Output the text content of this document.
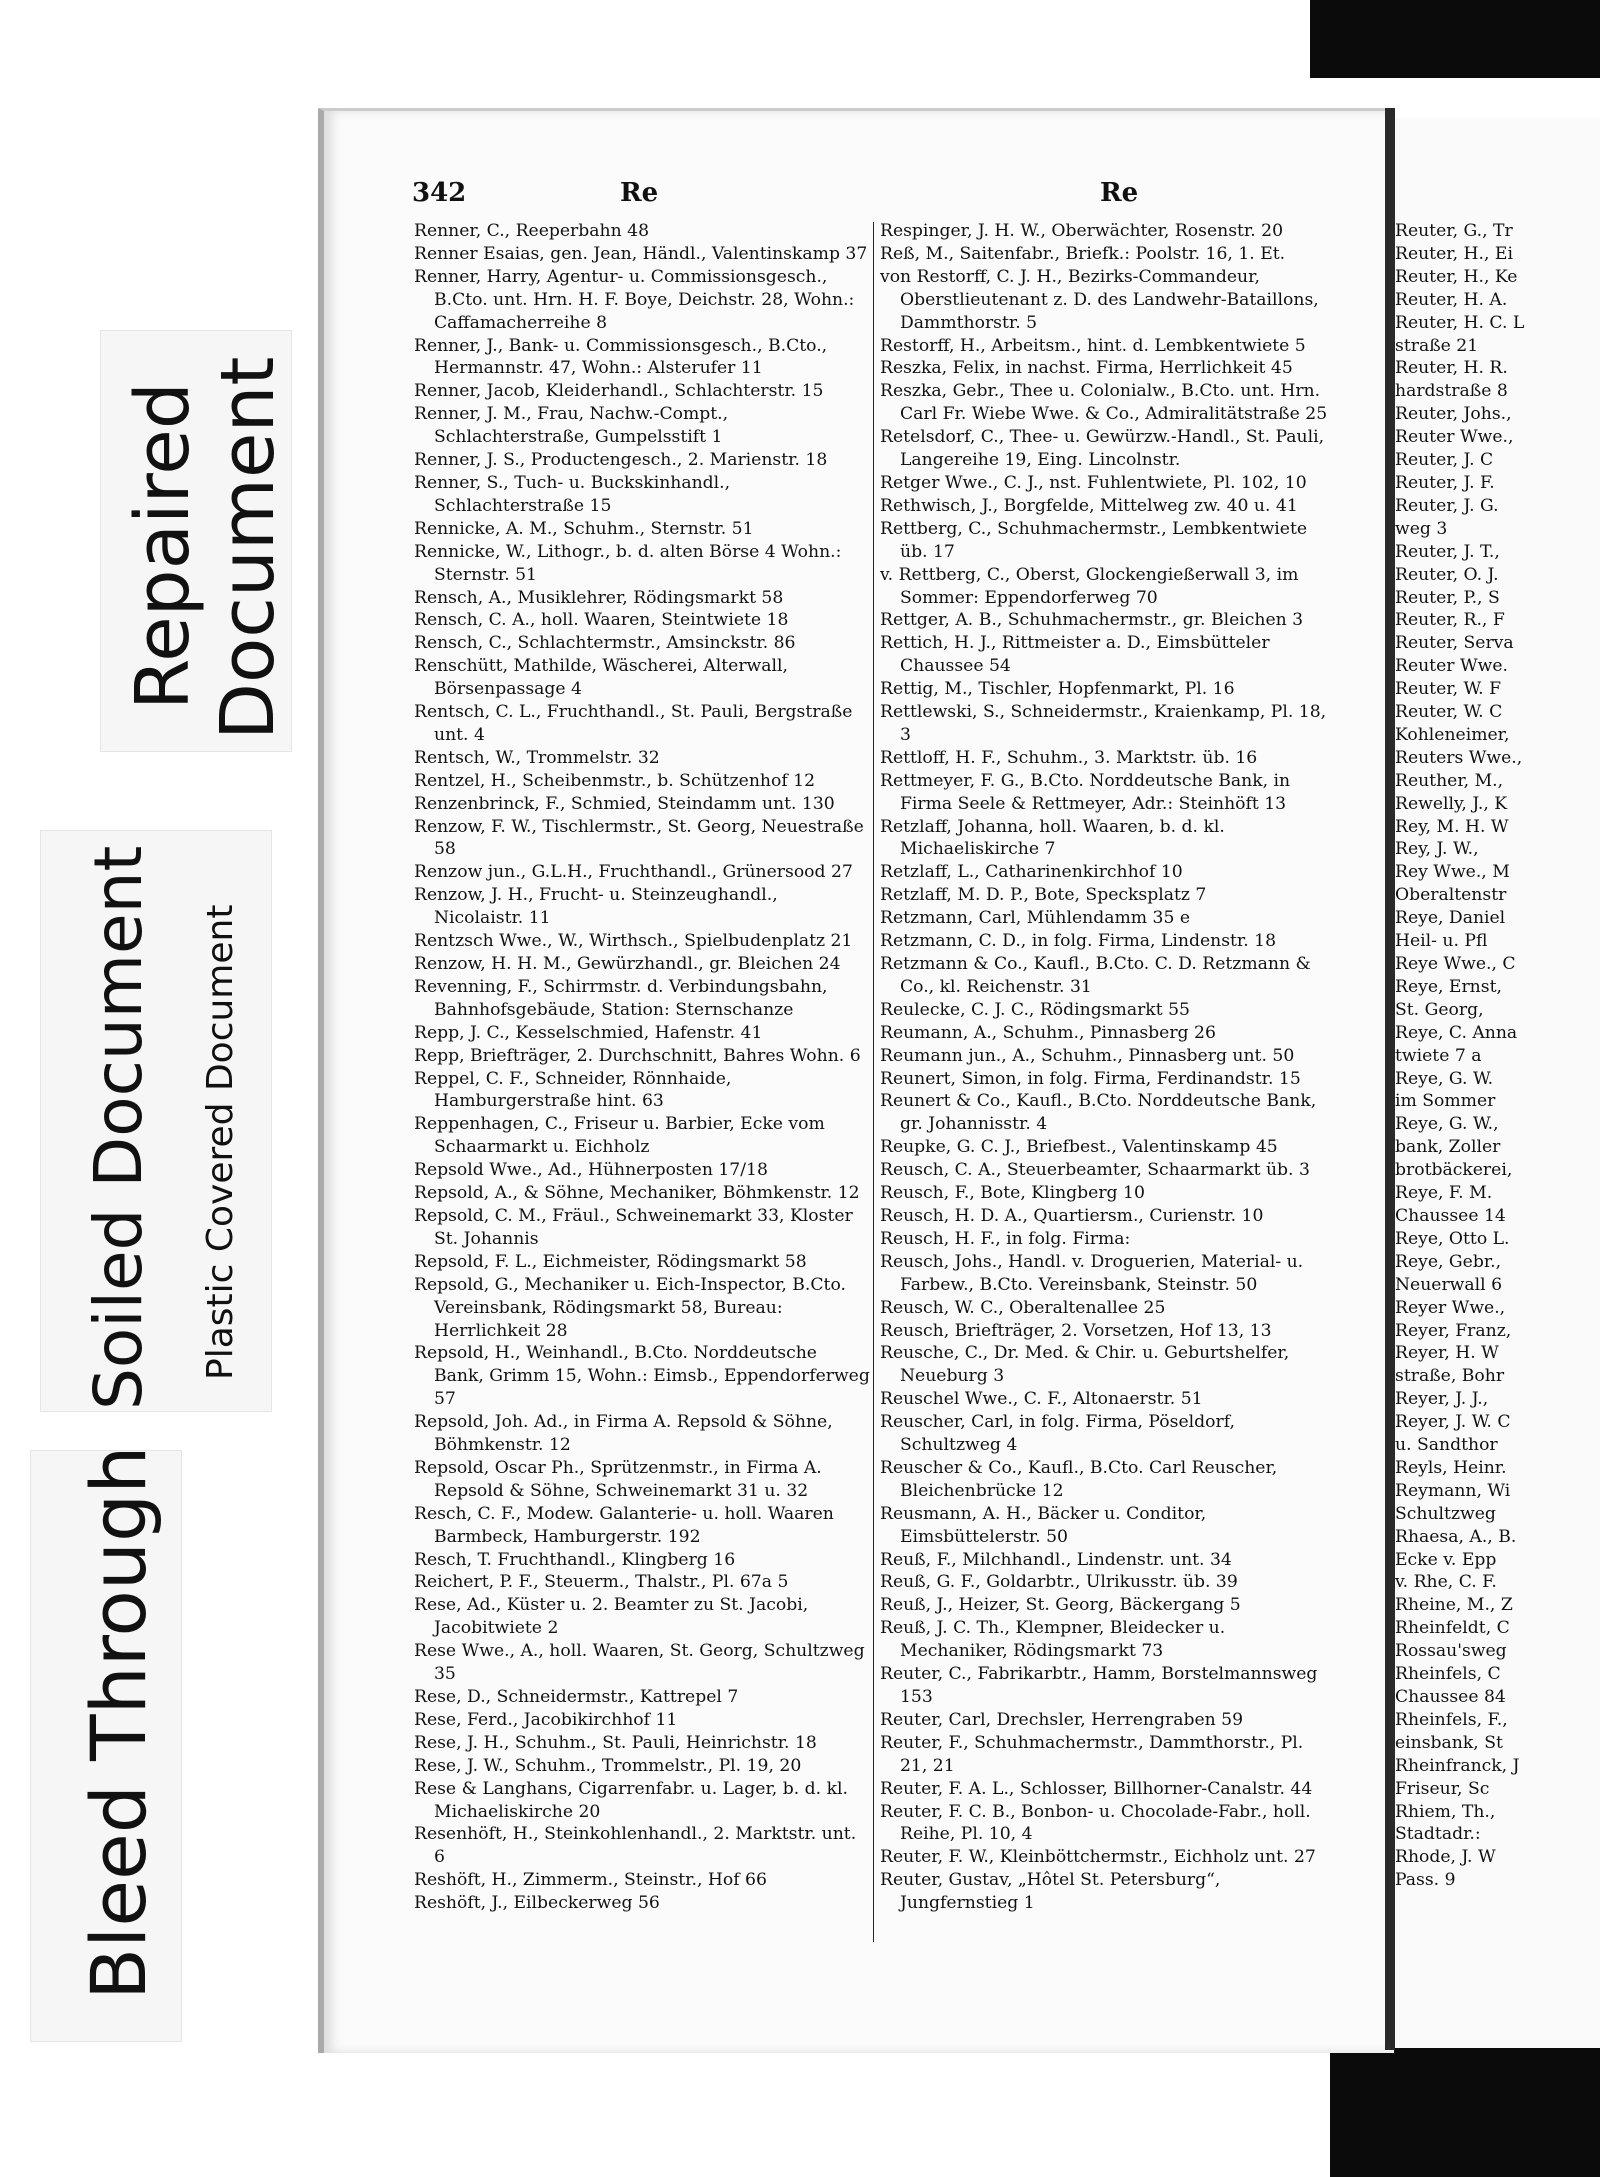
Bleed Through
Soiled Document Plastic Covered Document
Repaired Document
Reuter, G., Tr
Reuter, H., Ei
Reuter, H., Ke
Reuter, H. A.
Reuter, H. C. L
straße 21
Reuter, H. R.
hardstraße 8
Reuter, Johs.,
Reuter Wwe.,
Reuter, J. C
Reuter, J. F.
Reuter, J. G.
weg 3
Reuter, J. T.,
Reuter, O. J.
Reuter, P., S
Reuter, R., F
Reuter, Serva
Reuter Wwe.
Reuter, W. F
Reuter, W. C
Kohleneimer,
Reuters Wwe.,
Reuther, M.,
Rewelly, J., K
Rey, M. H. W
Rey, J. W.,
Rey Wwe., M
Oberaltenstr
Reye, Daniel
Heil- u. Pfl
Reye Wwe., C
Reye, Ernst,
St. Georg,
Reye, C. Anna
twiete 7 a
Reye, G. W.
im Sommer
Reye, G. W.,
bank, Zoller
brotbäckerei,
Reye, F. M.
Chaussee 14
Reye, Otto L.
Reye, Gebr.,
Neuerwall 6
Reyer Wwe.,
Reyer, Franz,
Reyer, H. W
straße, Bohr
Reyer, J. J.,
Reyer, J. W. C
u. Sandthor
Reyls, Heinr.
Reymann, Wi
Schultzweg
Rhaesa, A., B.
Ecke v. Epp
v. Rhe, C. F.
Rheine, M., Z
Rheinfeldt, C
Rossau'sweg
Rheinfels, C
Chaussee 84
Rheinfels, F.,
einsbank, St
Rheinfranck, J
Friseur, Sc
Rhiem, Th.,
Stadtadr.:
Rhode, J. W
Pass. 9
342	Re	Re
Renner, C., Reeperbahn 48
Renner Esaias, gen. Jean, Händl., Valentinskamp 37
Renner, Harry, Agentur- u. Commissionsgesch., B.Cto. unt. Hrn. H. F. Boye, Deichstr. 28, Wohn.: Caffamacherreihe 8
Renner, J., Bank- u. Commissionsgesch., B.Cto., Hermannstr. 47, Wohn.: Alsterufer 11
Renner, Jacob, Kleiderhandl., Schlachterstr. 15
Renner, J. M., Frau, Nachw.-Compt., Schlachterstraße, Gumpelsstift 1
Renner, J. S., Productengesch., 2. Marienstr. 18
Renner, S., Tuch- u. Buckskinhandl., Schlachterstraße 15
Rennicke, A. M., Schuhm., Sternstr. 51
Rennicke, W., Lithogr., b. d. alten Börse 4 Wohn.: Sternstr. 51
Rensch, A., Musiklehrer, Rödingsmarkt 58
Rensch, C. A., holl. Waaren, Steintwiete 18
Rensch, C., Schlachtermstr., Amsinckstr. 86
Renschütt, Mathilde, Wäscherei, Alterwall, Börsenpassage 4
Rentsch, C. L., Fruchthandl., St. Pauli, Bergstraße unt. 4
Rentsch, W., Trommelstr. 32
Rentzel, H., Scheibenmstr., b. Schützenhof 12
Renzenbrinck, F., Schmied, Steindamm unt. 130
Renzow, F. W., Tischlermstr., St. Georg, Neuestraße 58
Renzow jun., G.L.H., Fruchthandl., Grünersood 27
Renzow, J. H., Frucht- u. Steinzeughandl., Nicolaistr. 11
Rentzsch Wwe., W., Wirthsch., Spielbudenplatz 21
Renzow, H. H. M., Gewürzhandl., gr. Bleichen 24
Revenning, F., Schirrmstr. d. Verbindungsbahn, Bahnhofsgebäude, Station: Sternschanze
Repp, J. C., Kesselschmied, Hafenstr. 41
Repp, Briefträger, 2. Durchschnitt, Bahres Wohn. 6
Reppel, C. F., Schneider, Rönnhaide, Hamburgerstraße hint. 63
Reppenhagen, C., Friseur u. Barbier, Ecke vom Schaarmarkt u. Eichholz
Repsold Wwe., Ad., Hühnerposten 17/18
Repsold, A., & Söhne, Mechaniker, Böhmkenstr. 12
Repsold, C. M., Fräul., Schweinemarkt 33, Kloster St. Johannis
Repsold, F. L., Eichmeister, Rödingsmarkt 58
Repsold, G., Mechaniker u. Eich-Inspector, B.Cto. Vereinsbank, Rödingsmarkt 58, Bureau: Herrlichkeit 28
Repsold, H., Weinhandl., B.Cto. Norddeutsche Bank, Grimm 15, Wohn.: Eimsb., Eppendorferweg 57
Repsold, Joh. Ad., in Firma A. Repsold & Söhne, Böhmkenstr. 12
Repsold, Oscar Ph., Sprützenmstr., in Firma A. Repsold & Söhne, Schweinemarkt 31 u. 32
Resch, C. F., Modew. Galanterie- u. holl. Waaren Barmbeck, Hamburgerstr. 192
Resch, T. Fruchthandl., Klingberg 16
Reichert, P. F., Steuerm., Thalstr., Pl. 67a 5
Rese, Ad., Küster u. 2. Beamter zu St. Jacobi, Jacobitwiete 2
Rese Wwe., A., holl. Waaren, St. Georg, Schultzweg 35
Rese, D., Schneidermstr., Kattrepel 7
Rese, Ferd., Jacobikirchhof 11
Rese, J. H., Schuhm., St. Pauli, Heinrichstr. 18
Rese, J. W., Schuhm., Trommelstr., Pl. 19, 20
Rese & Langhans, Cigarrenfabr. u. Lager, b. d. kl. Michaeliskirche 20
Resenhöft, H., Steinkohlenhandl., 2. Marktstr. unt. 6
Reshöft, H., Zimmerm., Steinstr., Hof 66
Reshöft, J., Eilbeckerweg 56
Respinger, J. H. W., Oberwächter, Rosenstr. 20
Reß, M., Saitenfabr., Briefk.: Poolstr. 16, 1. Et.
von Restorff, C. J. H., Bezirks-Commandeur, Oberstlieutenant z. D. des Landwehr-Bataillons, Dammthorstr. 5
Restorff, H., Arbeitsm., hint. d. Lembkentwiete 5
Reszka, Felix, in nachst. Firma, Herrlichkeit 45
Reszka, Gebr., Thee u. Colonialw., B.Cto. unt. Hrn. Carl Fr. Wiebe Wwe. & Co., Admiralitätstraße 25
Retelsdorf, C., Thee- u. Gewürzw.-Handl., St. Pauli, Langereihe 19, Eing. Lincolnstr.
Retger Wwe., C. J., nst. Fuhlentwiete, Pl. 102, 10
Rethwisch, J., Borgfelde, Mittelweg zw. 40 u. 41
Rettberg, C., Schuhmachermstr., Lembkentwiete üb. 17
v. Rettberg, C., Oberst, Glockengießerwall 3, im Sommer: Eppendorferweg 70
Rettger, A. B., Schuhmachermstr., gr. Bleichen 3
Rettich, H. J., Rittmeister a. D., Eimsbütteler Chaussee 54
Rettig, M., Tischler, Hopfenmarkt, Pl. 16
Rettlewski, S., Schneidermstr., Kraienkamp, Pl. 18, 3
Rettloff, H. F., Schuhm., 3. Marktstr. üb. 16
Rettmeyer, F. G., B.Cto. Norddeutsche Bank, in Firma Seele & Rettmeyer, Adr.: Steinhöft 13
Retzlaff, Johanna, holl. Waaren, b. d. kl. Michaeliskirche 7
Retzlaff, L., Catharinenkirchhof 10
Retzlaff, M. D. P., Bote, Specksplatz 7
Retzmann, Carl, Mühlendamm 35 e
Retzmann, C. D., in folg. Firma, Lindenstr. 18
Retzmann & Co., Kaufl., B.Cto. C. D. Retzmann & Co., kl. Reichenstr. 31
Reulecke, C. J. C., Rödingsmarkt 55
Reumann, A., Schuhm., Pinnasberg 26
Reumann jun., A., Schuhm., Pinnasberg unt. 50
Reunert, Simon, in folg. Firma, Ferdinandstr. 15
Reunert & Co., Kaufl., B.Cto. Norddeutsche Bank, gr. Johannisstr. 4
Reupke, G. C. J., Briefbest., Valentinskamp 45
Reusch, C. A., Steuerbeamter, Schaarmarkt üb. 3
Reusch, F., Bote, Klingberg 10
Reusch, H. D. A., Quartiersm., Curienstr. 10
Reusch, H. F., in folg. Firma:
Reusch, Johs., Handl. v. Droguerien, Material- u. Farbew., B.Cto. Vereinsbank, Steinstr. 50
Reusch, W. C., Oberaltenallee 25
Reusch, Briefträger, 2. Vorsetzen, Hof 13, 13
Reusche, C., Dr. Med. & Chir. u. Geburtshelfer, Neueburg 3
Reuschel Wwe., C. F., Altonaerstr. 51
Reuscher, Carl, in folg. Firma, Pöseldorf, Schultzweg 4
Reuscher & Co., Kaufl., B.Cto. Carl Reuscher, Bleichenbrücke 12
Reusmann, A. H., Bäcker u. Conditor, Eimsbüttelerstr. 50
Reuß, F., Milchhandl., Lindenstr. unt. 34
Reuß, G. F., Goldarbtr., Ulrikusstr. üb. 39
Reuß, J., Heizer, St. Georg, Bäckergang 5
Reuß, J. C. Th., Klempner, Bleidecker u. Mechaniker, Rödingsmarkt 73
Reuter, C., Fabrikarbtr., Hamm, Borstelmannsweg 153
Reuter, Carl, Drechsler, Herrengraben 59
Reuter, F., Schuhmachermstr., Dammthorstr., Pl. 21, 21
Reuter, F. A. L., Schlosser, Billhorner-Canalstr. 44
Reuter, F. C. B., Bonbon- u. Chocolade-Fabr., holl. Reihe, Pl. 10, 4
Reuter, F. W., Kleinböttchermstr., Eichholz unt. 27
Reuter, Gustav, „Hôtel St. Petersburg“, Jungfernstieg 1
